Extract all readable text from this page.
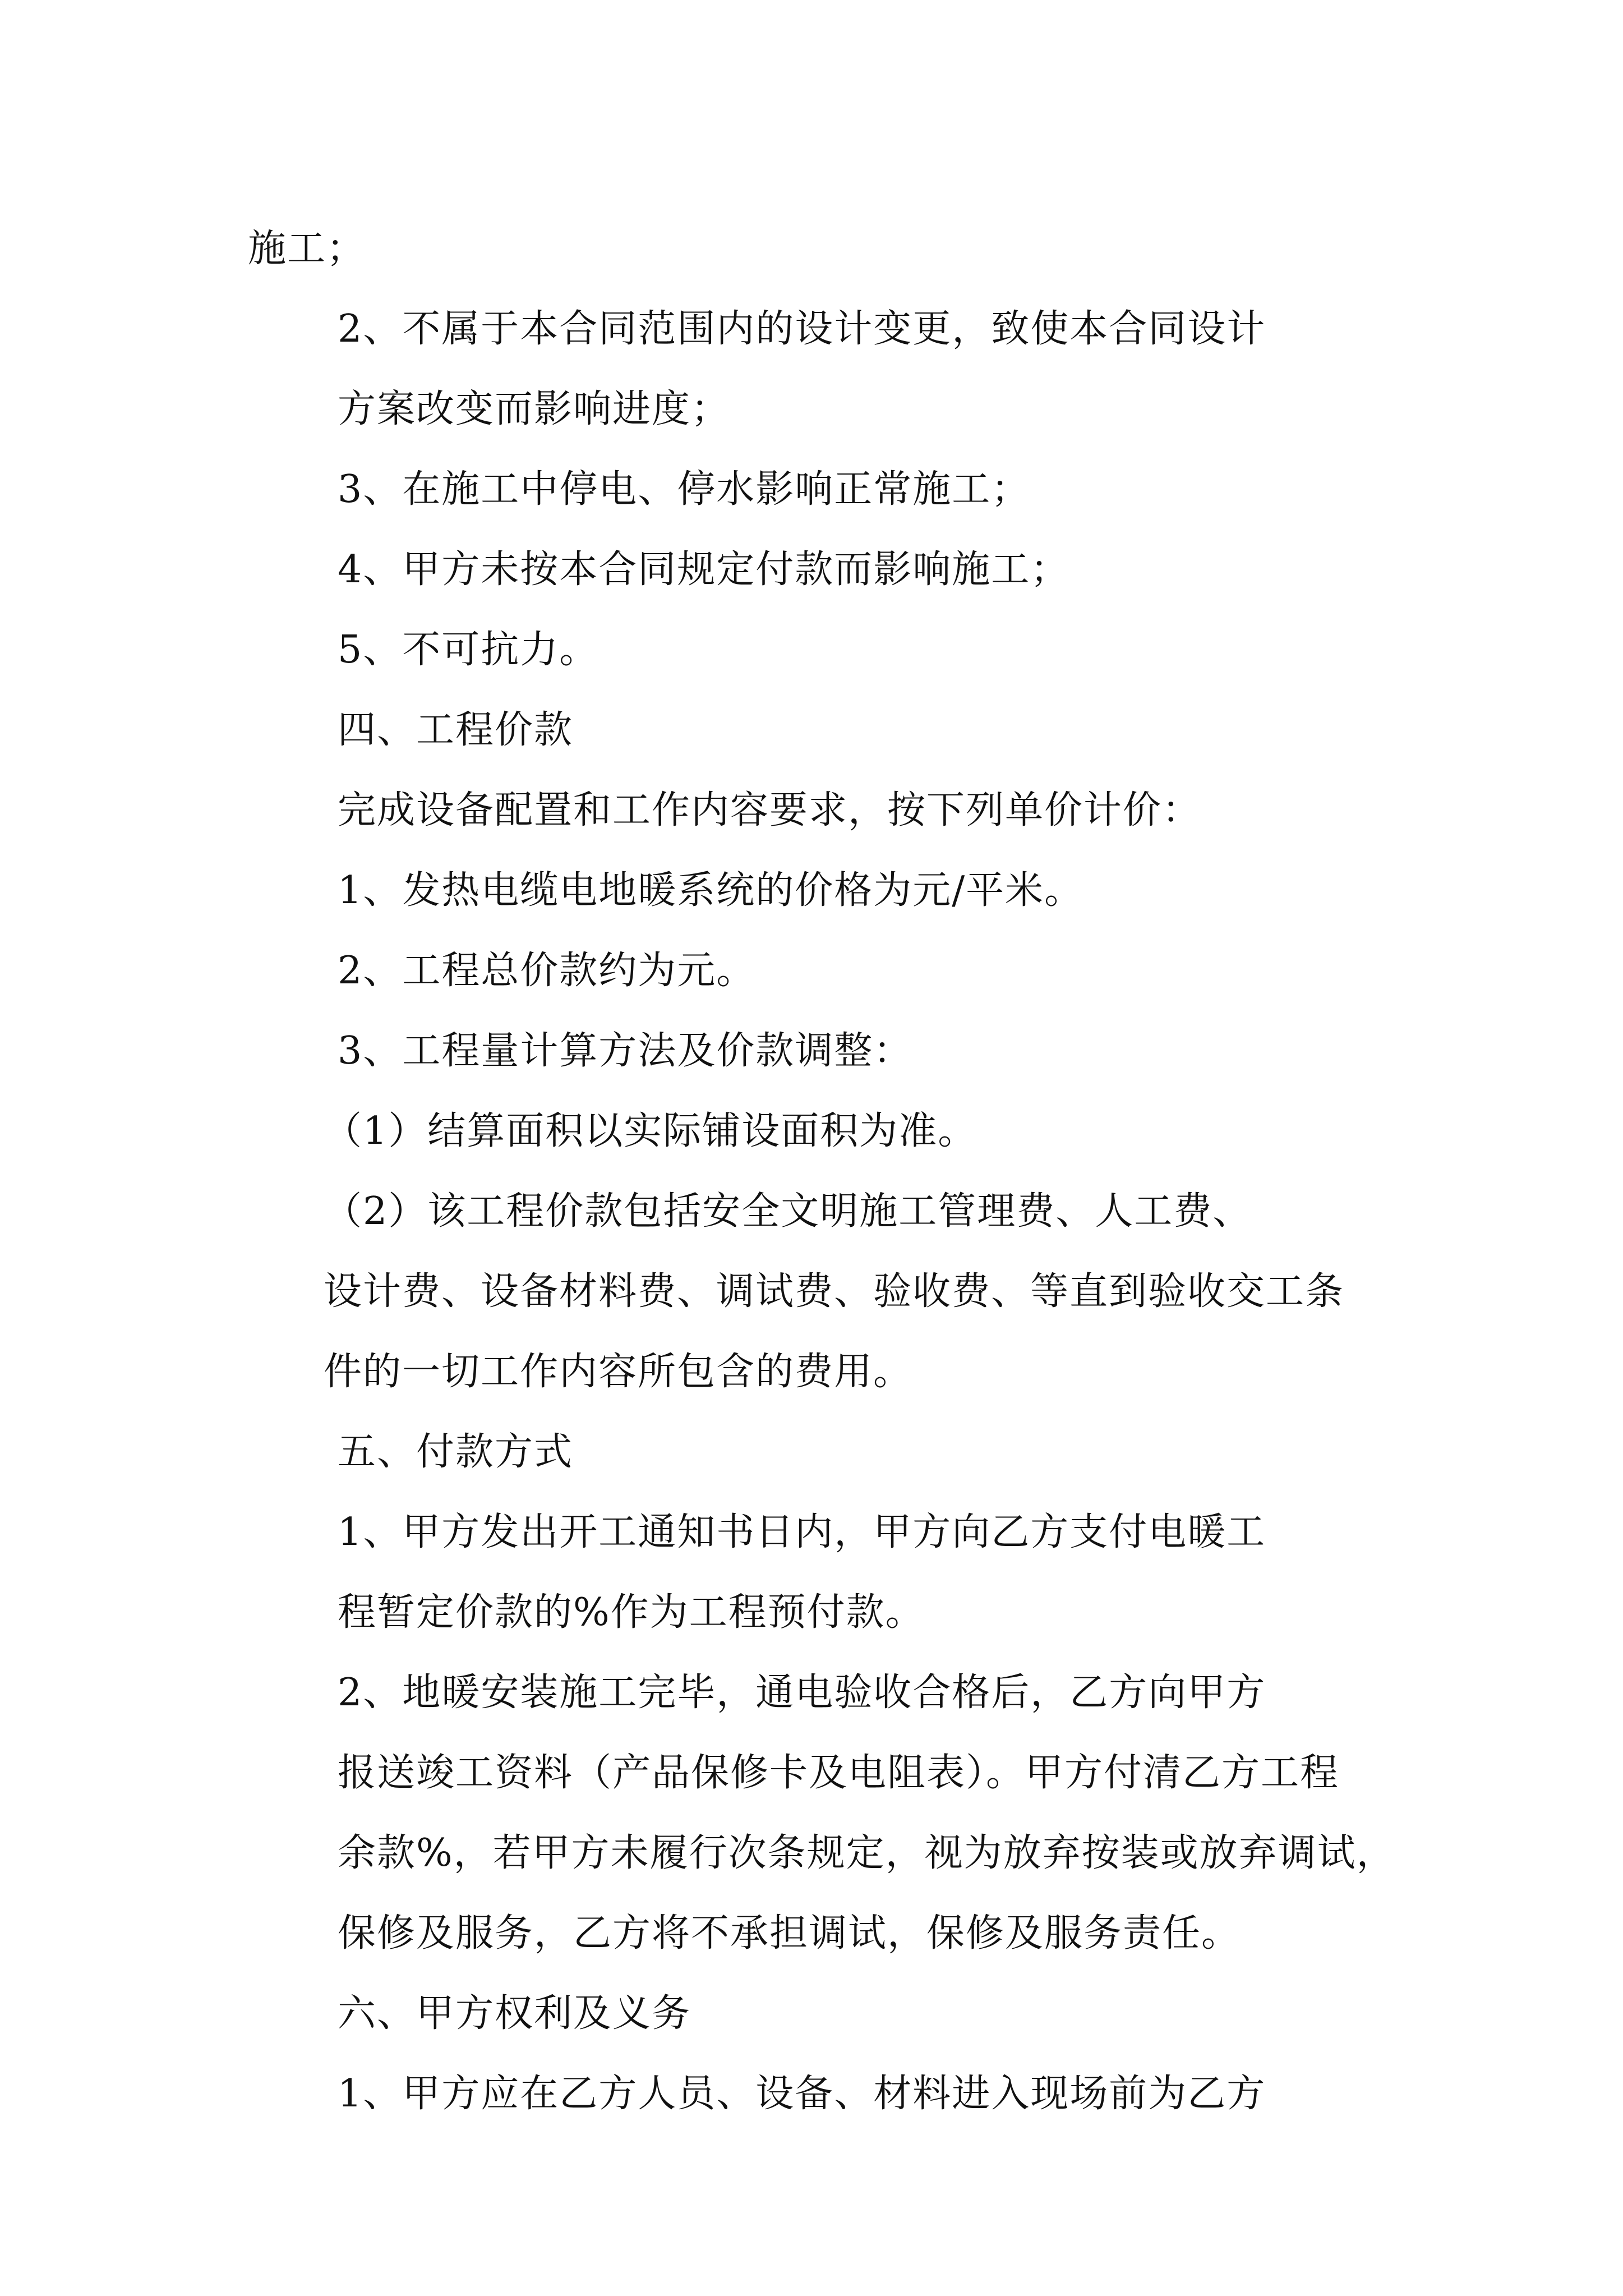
施工；

2、不属于本合同范围内的设计变更，致使本合同设计
方案改变而影响进度；

3、在施工中停电、停水影响正常施工；

4、甲方未按本合同规定付款而影响施工；

5、不可抗力。

四、工程价款

完成设备配置和工作内容要求，按下列单价计价：

1、发热电缆电地暖系统的价格为元/平米。

2、工程总价款约为元。

3、工程量计算方法及价款调整：

（1）结算面积以实际铺设面积为准。

（2）该工程价款包括安全文明施工管理费、人工费、
设计费、设备材料费、调试费、验收费、等直到验收交工条
件的一切工作内容所包含的费用。

五、付款方式

1、甲方发出开工通知书日内，甲方向乙方支付电暖工
程暂定价款的%作为工程预付款。

2、地暖安装施工完毕，通电验收合格后，乙方向甲方
报送竣工资料（产品保修卡及电阻表）。甲方付清乙方工程
余款%，若甲方未履行次条规定，视为放弃按装或放弃调试，
保修及服务，乙方将不承担调试，保修及服务责任。

六、甲方权利及义务

1、甲方应在乙方人员、设备、材料进入现场前为乙方
